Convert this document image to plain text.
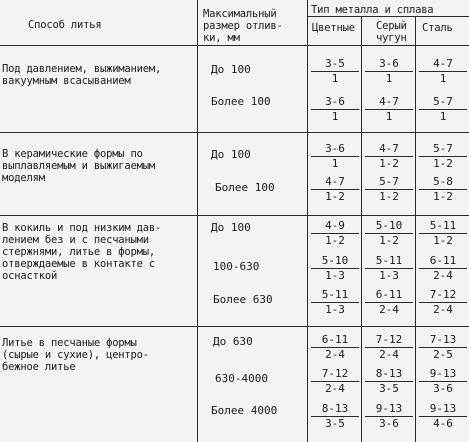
Способ литья
Максимальный
размер отлив-
ки, мм
Тип металла и сплава
Цветные Серый
чугун
Сталь
Под давлением, выжиманием,
вакуумным всасыванием
До 100
Более 100
3-5
1
3-6
1
4-7
1
3-6
1
4-7
1
5-7
1
В керамические формы по
выплавляемым и выжигаемым
моделям
До 100
Более 100
3-6
1
4-7
1-2
5-7
1-2
4-7
1-2
5-7
1-2
5-8
1-2
В кокиль и под низким дав-
лением без и с песчаными
стержнями, литье в формы,
отверждаемые в контакте с
оснасткой
До 100
100-630
Более 630
4-9
1-2
5-10
1-2
5-11
1-2
5-10
1-3
5-11
1-3
6-11
2-4
5-11
1-3
6-11
2-4
7-12
2-4
Литье в песчаные формы
(сырые и сухие), центро-
бежное литье
До 630
630-4000
Более 4000
6-11
2-4
7-12
2-4
7-13
2-5
7-12
2-4
8-13
3-5
9-13
3-6
8-13
3-5
9-13
3-6
9-13
4-6
